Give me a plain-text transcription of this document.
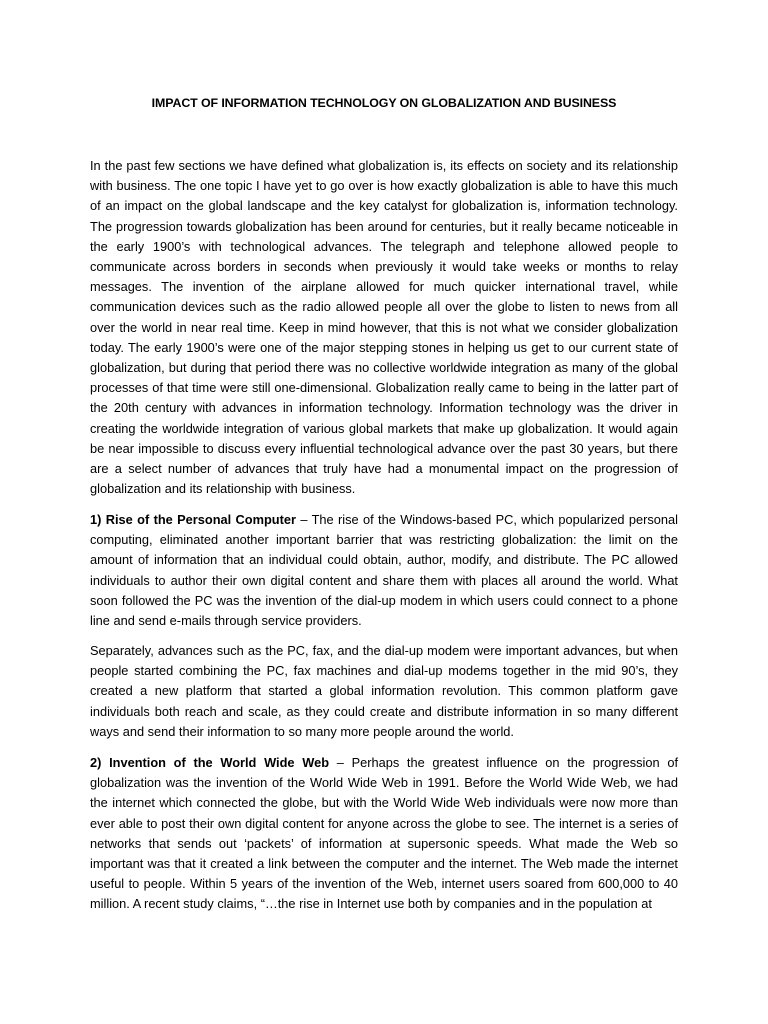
IMPACT OF INFORMATION TECHNOLOGY ON GLOBALIZATION AND BUSINESS

In the past few sections we have defined what globalization is, its effects on society and its relationship with business. The one topic I have yet to go over is how exactly globalization is able to have this much of an impact on the global landscape and the key catalyst for globalization is, information technology. The progression towards globalization has been around for centuries, but it really became noticeable in the early 1900’s with technological advances. The telegraph and telephone allowed people to communicate across borders in seconds when previously it would take weeks or months to relay messages. The invention of the airplane allowed for much quicker international travel, while communication devices such as the radio allowed people all over the globe to listen to news from all over the world in near real time. Keep in mind however, that this is not what we consider globalization today. The early 1900’s were one of the major stepping stones in helping us get to our current state of globalization, but during that period there was no collective worldwide integration as many of the global processes of that time were still one-dimensional. Globalization really came to being in the latter part of the 20th century with advances in information technology. Information technology was the driver in creating the worldwide integration of various global markets that make up globalization. It would again be near impossible to discuss every influential technological advance over the past 30 years, but there are a select number of advances that truly have had a monumental impact on the progression of globalization and its relationship with business.

1) Rise of the Personal Computer – The rise of the Windows-based PC, which popularized personal computing, eliminated another important barrier that was restricting globalization: the limit on the amount of information that an individual could obtain, author, modify, and distribute. The PC allowed individuals to author their own digital content and share them with places all around the world. What soon followed the PC was the invention of the dial-up modem in which users could connect to a phone line and send e-mails through service providers.

Separately, advances such as the PC, fax, and the dial-up modem were important advances, but when people started combining the PC, fax machines and dial-up modems together in the mid 90’s, they created a new platform that started a global information revolution. This common platform gave individuals both reach and scale, as they could create and distribute information in so many different ways and send their information to so many more people around the world.

2) Invention of the World Wide Web – Perhaps the greatest influence on the progression of globalization was the invention of the World Wide Web in 1991. Before the World Wide Web, we had the internet which connected the globe, but with the World Wide Web individuals were now more than ever able to post their own digital content for anyone across the globe to see. The internet is a series of networks that sends out ‘packets’ of information at supersonic speeds. What made the Web so important was that it created a link between the computer and the internet. The Web made the internet useful to people. Within 5 years of the invention of the Web, internet users soared from 600,000 to 40 million. A recent study claims, “…the rise in Internet use both by companies and in the population at
